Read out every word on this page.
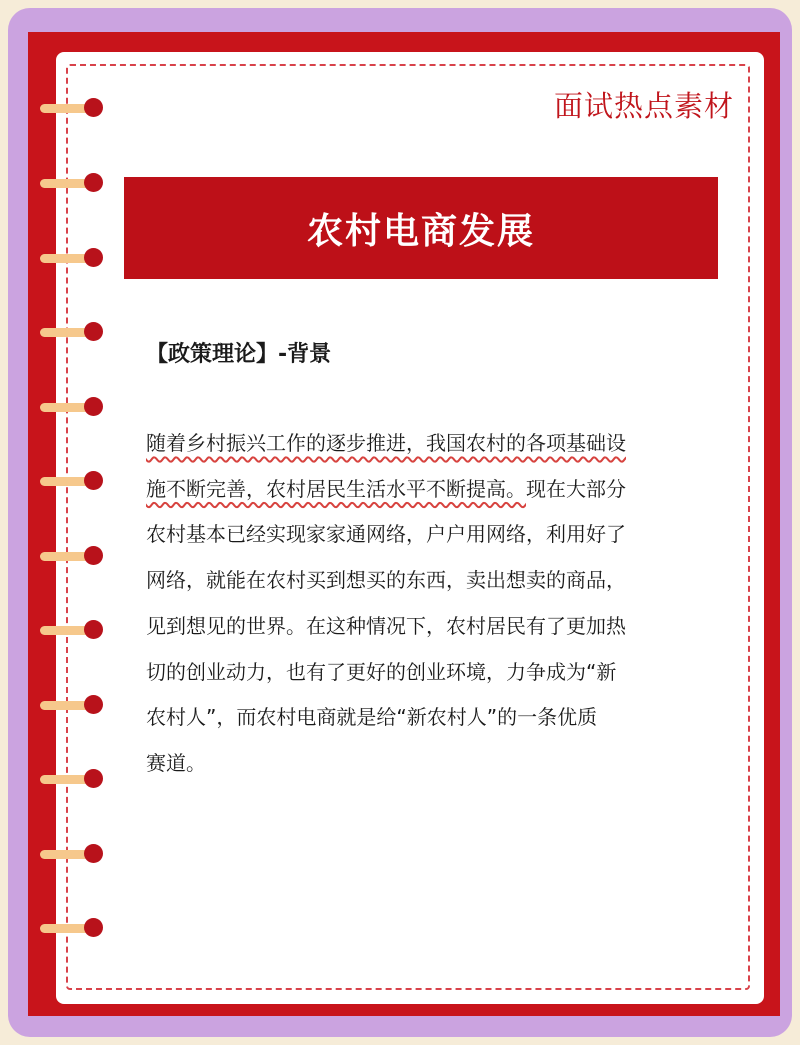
面试热点素材
农村电商发展
【政策理论】-背景
随着乡村振兴工作的逐步推进，我国农村的各项基础设
施不断完善，农村居民生活水平不断提高。现在大部分
农村基本已经实现家家通网络，户户用网络，利用好了
网络，就能在农村买到想买的东西，卖出想卖的商品，
见到想见的世界。在这种情况下，农村居民有了更加热
切的创业动力，也有了更好的创业环境，力争成为“新
农村人”，而农村电商就是给“新农村人”的一条优质
赛道。
